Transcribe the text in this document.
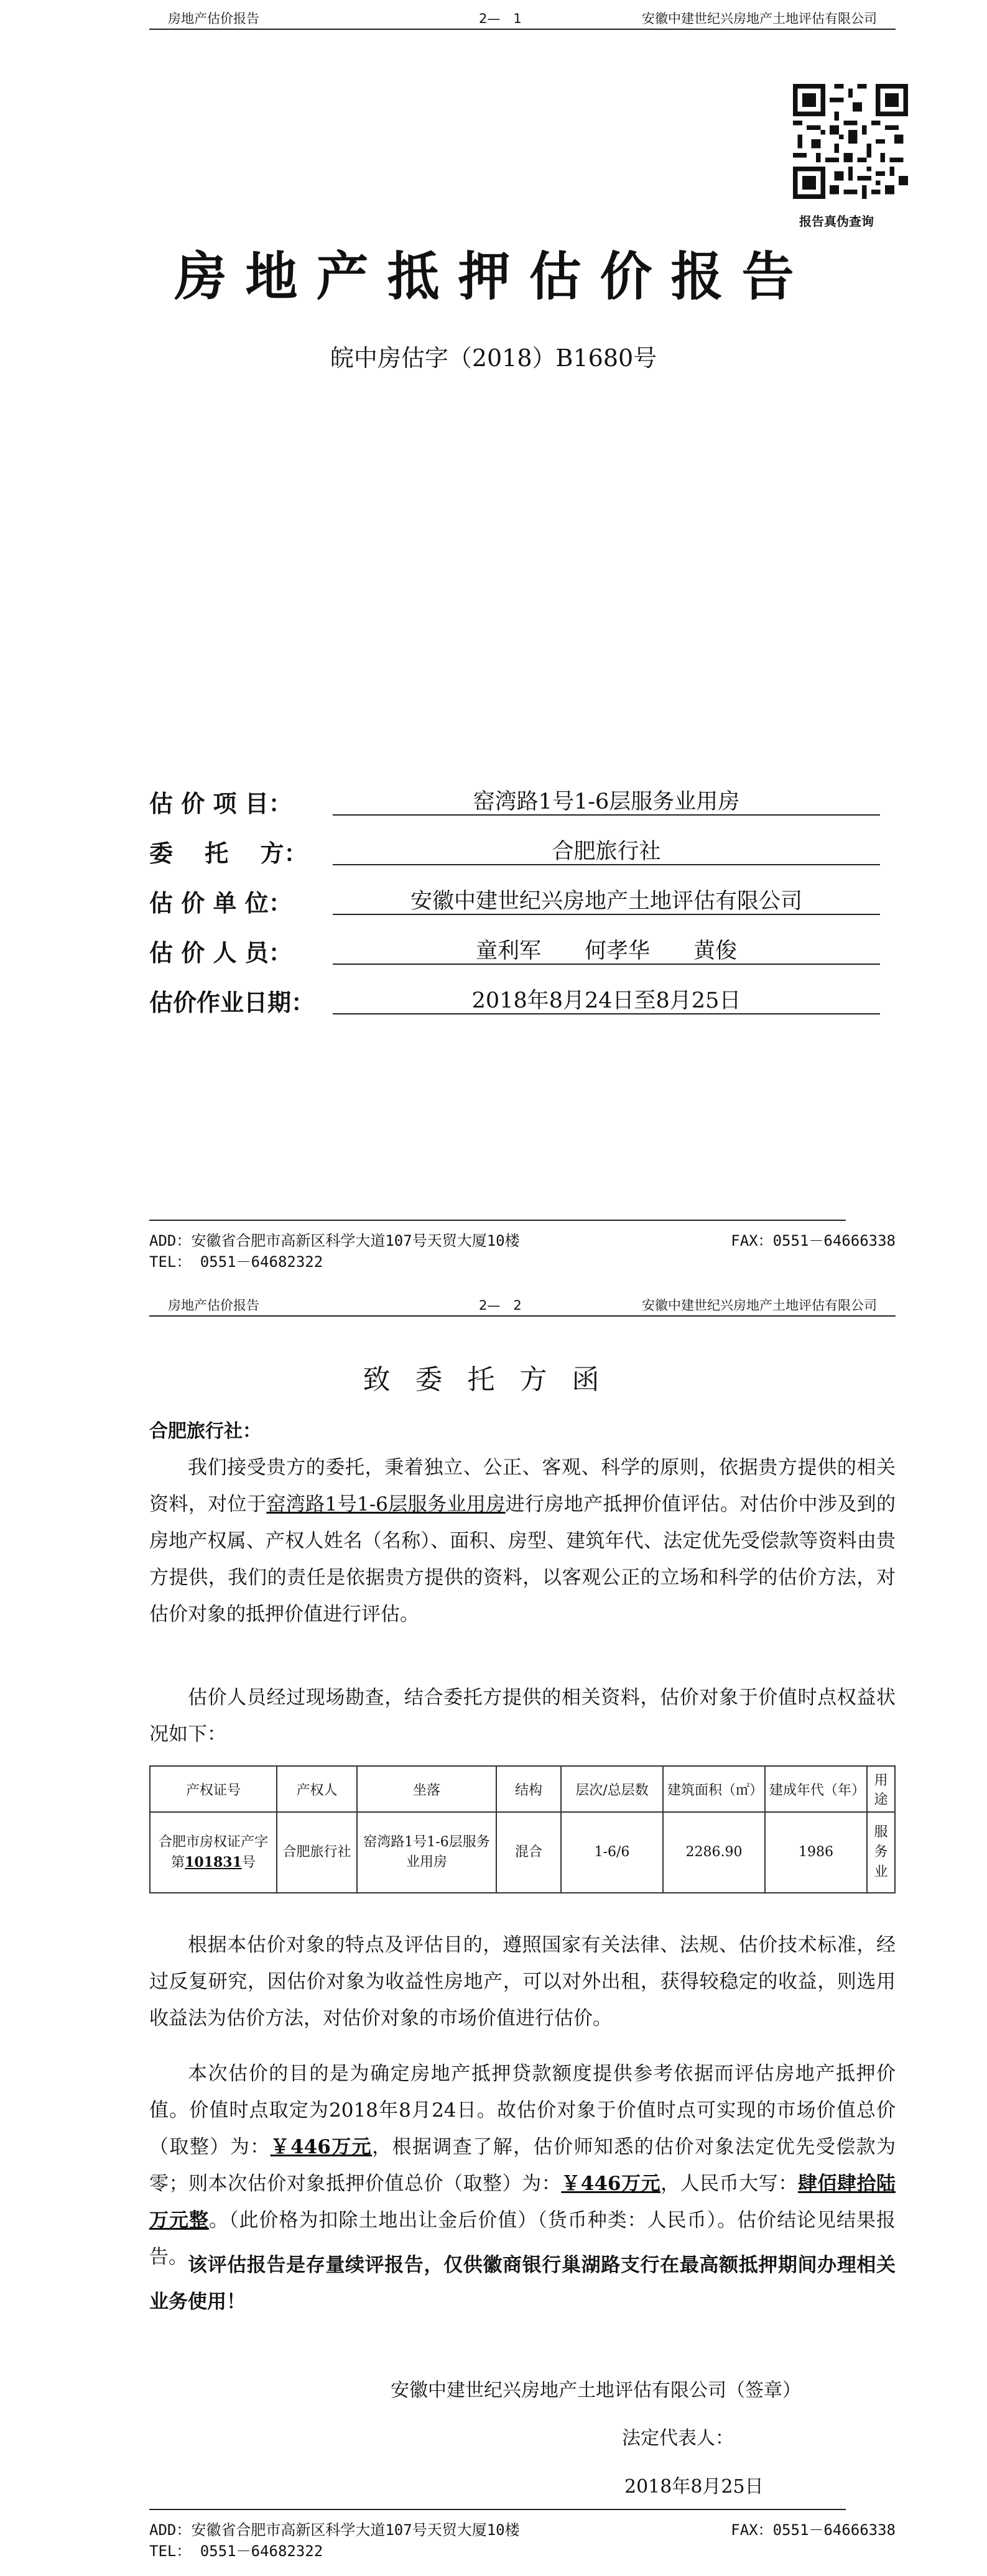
房地产估价报告	2—　1	安徽中建世纪兴房地产土地评估有限公司
报告真伪查询
房地产抵押估价报告
皖中房估字（2018）B1680号
估 价 项 目：	窑湾路1号1-6层服务业用房
委　 托　 方：	合肥旅行社
估 价 单 位：	安徽中建世纪兴房地产土地评估有限公司
估 价 人 员：	童利军　　何孝华　　黄俊
估价作业日期：	2018年8月24日至8月25日
ADD：安徽省合肥市高新区科学大道107号天贸大厦10楼	FAX：0551－64666338
TEL： 0551－64682322
房地产估价报告	2—　2	安徽中建世纪兴房地产土地评估有限公司
致委托方函
合肥旅行社：

我们接受贵方的委托，秉着独立、公正、客观、科学的原则，依据贵方提供的相关资料，对位于窑湾路1号1-6层服务业用房进行房地产抵押价值评估。对估价中涉及到的房地产权属、产权人姓名（名称）、面积、房型、建筑年代、法定优先受偿款等资料由贵方提供，我们的责任是依据贵方提供的资料，以客观公正的立场和科学的估价方法，对估价对象的抵押价值进行评估。

估价人员经过现场勘查，结合委托方提供的相关资料，估价对象于价值时点权益状况如下：

产权证号	产权人	坐落	结构	层次/总层数	建筑面积（㎡）	建成年代（年）	用途
合肥市房权证产字第101831号	合肥旅行社	窑湾路1号1-6层服务业用房	混合	1-6/6	2286.90	1986	服务业

根据本估价对象的特点及评估目的，遵照国家有关法律、法规、估价技术标准，经过反复研究，因估价对象为收益性房地产，可以对外出租，获得较稳定的收益，则选用收益法为估价方法，对估价对象的市场价值进行估价。

本次估价的目的是为确定房地产抵押贷款额度提供参考依据而评估房地产抵押价值。价值时点取定为2018年8月24日。故估价对象于价值时点可实现的市场价值总价（取整）为：￥446万元，根据调查了解，估价师知悉的估价对象法定优先受偿款为零；则本次估价对象抵押价值总价（取整）为：￥446万元，人民币大写：肆佰肆拾陆万元整。（此价格为扣除土地出让金后价值）（货币种类：人民币）。估价结论见结果报告。 该评估报告是存量续评报告，仅供徽商银行巢湖路支行在最高额抵押期间办理相关业务使用！

安徽中建世纪兴房地产土地评估有限公司（签章）
法定代表人：
2018年8月25日
ADD：安徽省合肥市高新区科学大道107号天贸大厦10楼	FAX：0551－64666338
TEL： 0551－64682322
